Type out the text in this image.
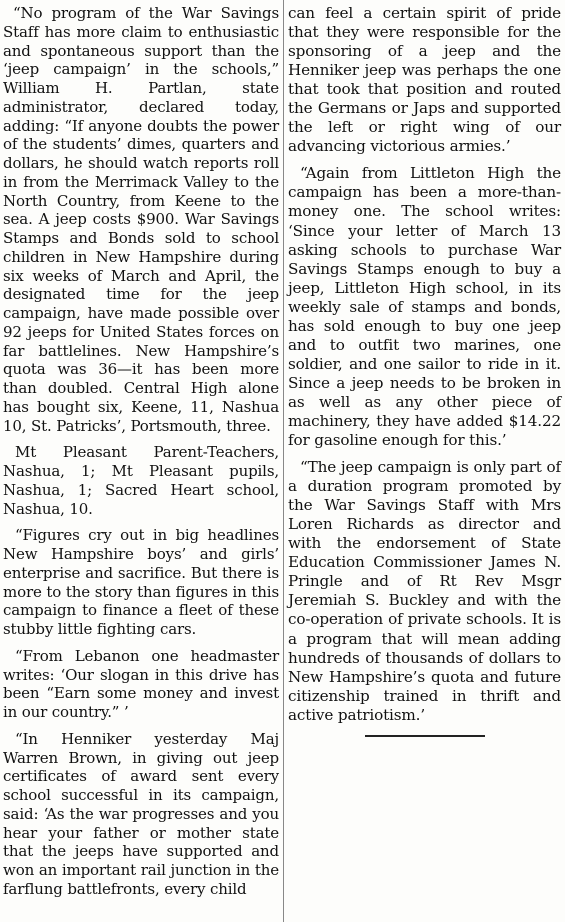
“No program of the War Savings Staff has more claim to enthusiastic and spontaneous support than the ‘jeep campaign’ in the schools,” William H. Partlan, state administrator, declared today, adding: “If anyone doubts the power of the students’ dimes, quarters and dollars, he should watch reports roll in from the Merrimack Valley to the North Country, from Keene to the sea. A jeep costs $900. War Savings Stamps and Bonds sold to school children in New Hampshire during six weeks of March and April, the designated time for the jeep campaign, have made possible over 92 jeeps for United States forces on far battlelines. New Hampshire’s quota was 36—it has been more than doubled. Central High alone has bought six, Keene, 11, Nashua 10, St. Patricks’, Portsmouth, three.

Mt Pleasant Parent-Teachers, Nashua, 1; Mt Pleasant pupils, Nashua, 1; Sacred Heart school, Nashua, 10.

“Figures cry out in big headlines New Hampshire boys’ and girls’ enterprise and sacrifice. But there is more to the story than figures in this campaign to finance a fleet of these stubby little fighting cars.

“From Lebanon one headmaster writes: ‘Our slogan in this drive has been “Earn some money and invest in our country.” ’

“In Henniker yesterday Maj Warren Brown, in giving out jeep certificates of award sent every school successful in its campaign, said: ‘As the war progresses and you hear your father or mother state that the jeeps have supported and won an important rail junction in the farflung battlefronts, every child

can feel a certain spirit of pride that they were responsible for the sponsoring of a jeep and the Henniker jeep was perhaps the one that took that position and routed the Germans or Japs and supported the left or right wing of our advancing victorious armies.’

“Again from Littleton High the campaign has been a more-than-money one. The school writes: ‘Since your letter of March 13 asking schools to purchase War Savings Stamps enough to buy a jeep, Littleton High school, in its weekly sale of stamps and bonds, has sold enough to buy one jeep and to outfit two marines, one soldier, and one sailor to ride in it. Since a jeep needs to be broken in as well as any other piece of machinery, they have added $14.22 for gasoline enough for this.’

“The jeep campaign is only part of a duration program promoted by the War Savings Staff with Mrs Loren Richards as director and with the endorsement of State Education Commissioner James N. Pringle and of Rt Rev Msgr Jeremiah S. Buckley and with the co-operation of private schools. It is a program that will mean adding hundreds of thousands of dollars to New Hampshire’s quota and future citizenship trained in thrift and active patriotism.’
